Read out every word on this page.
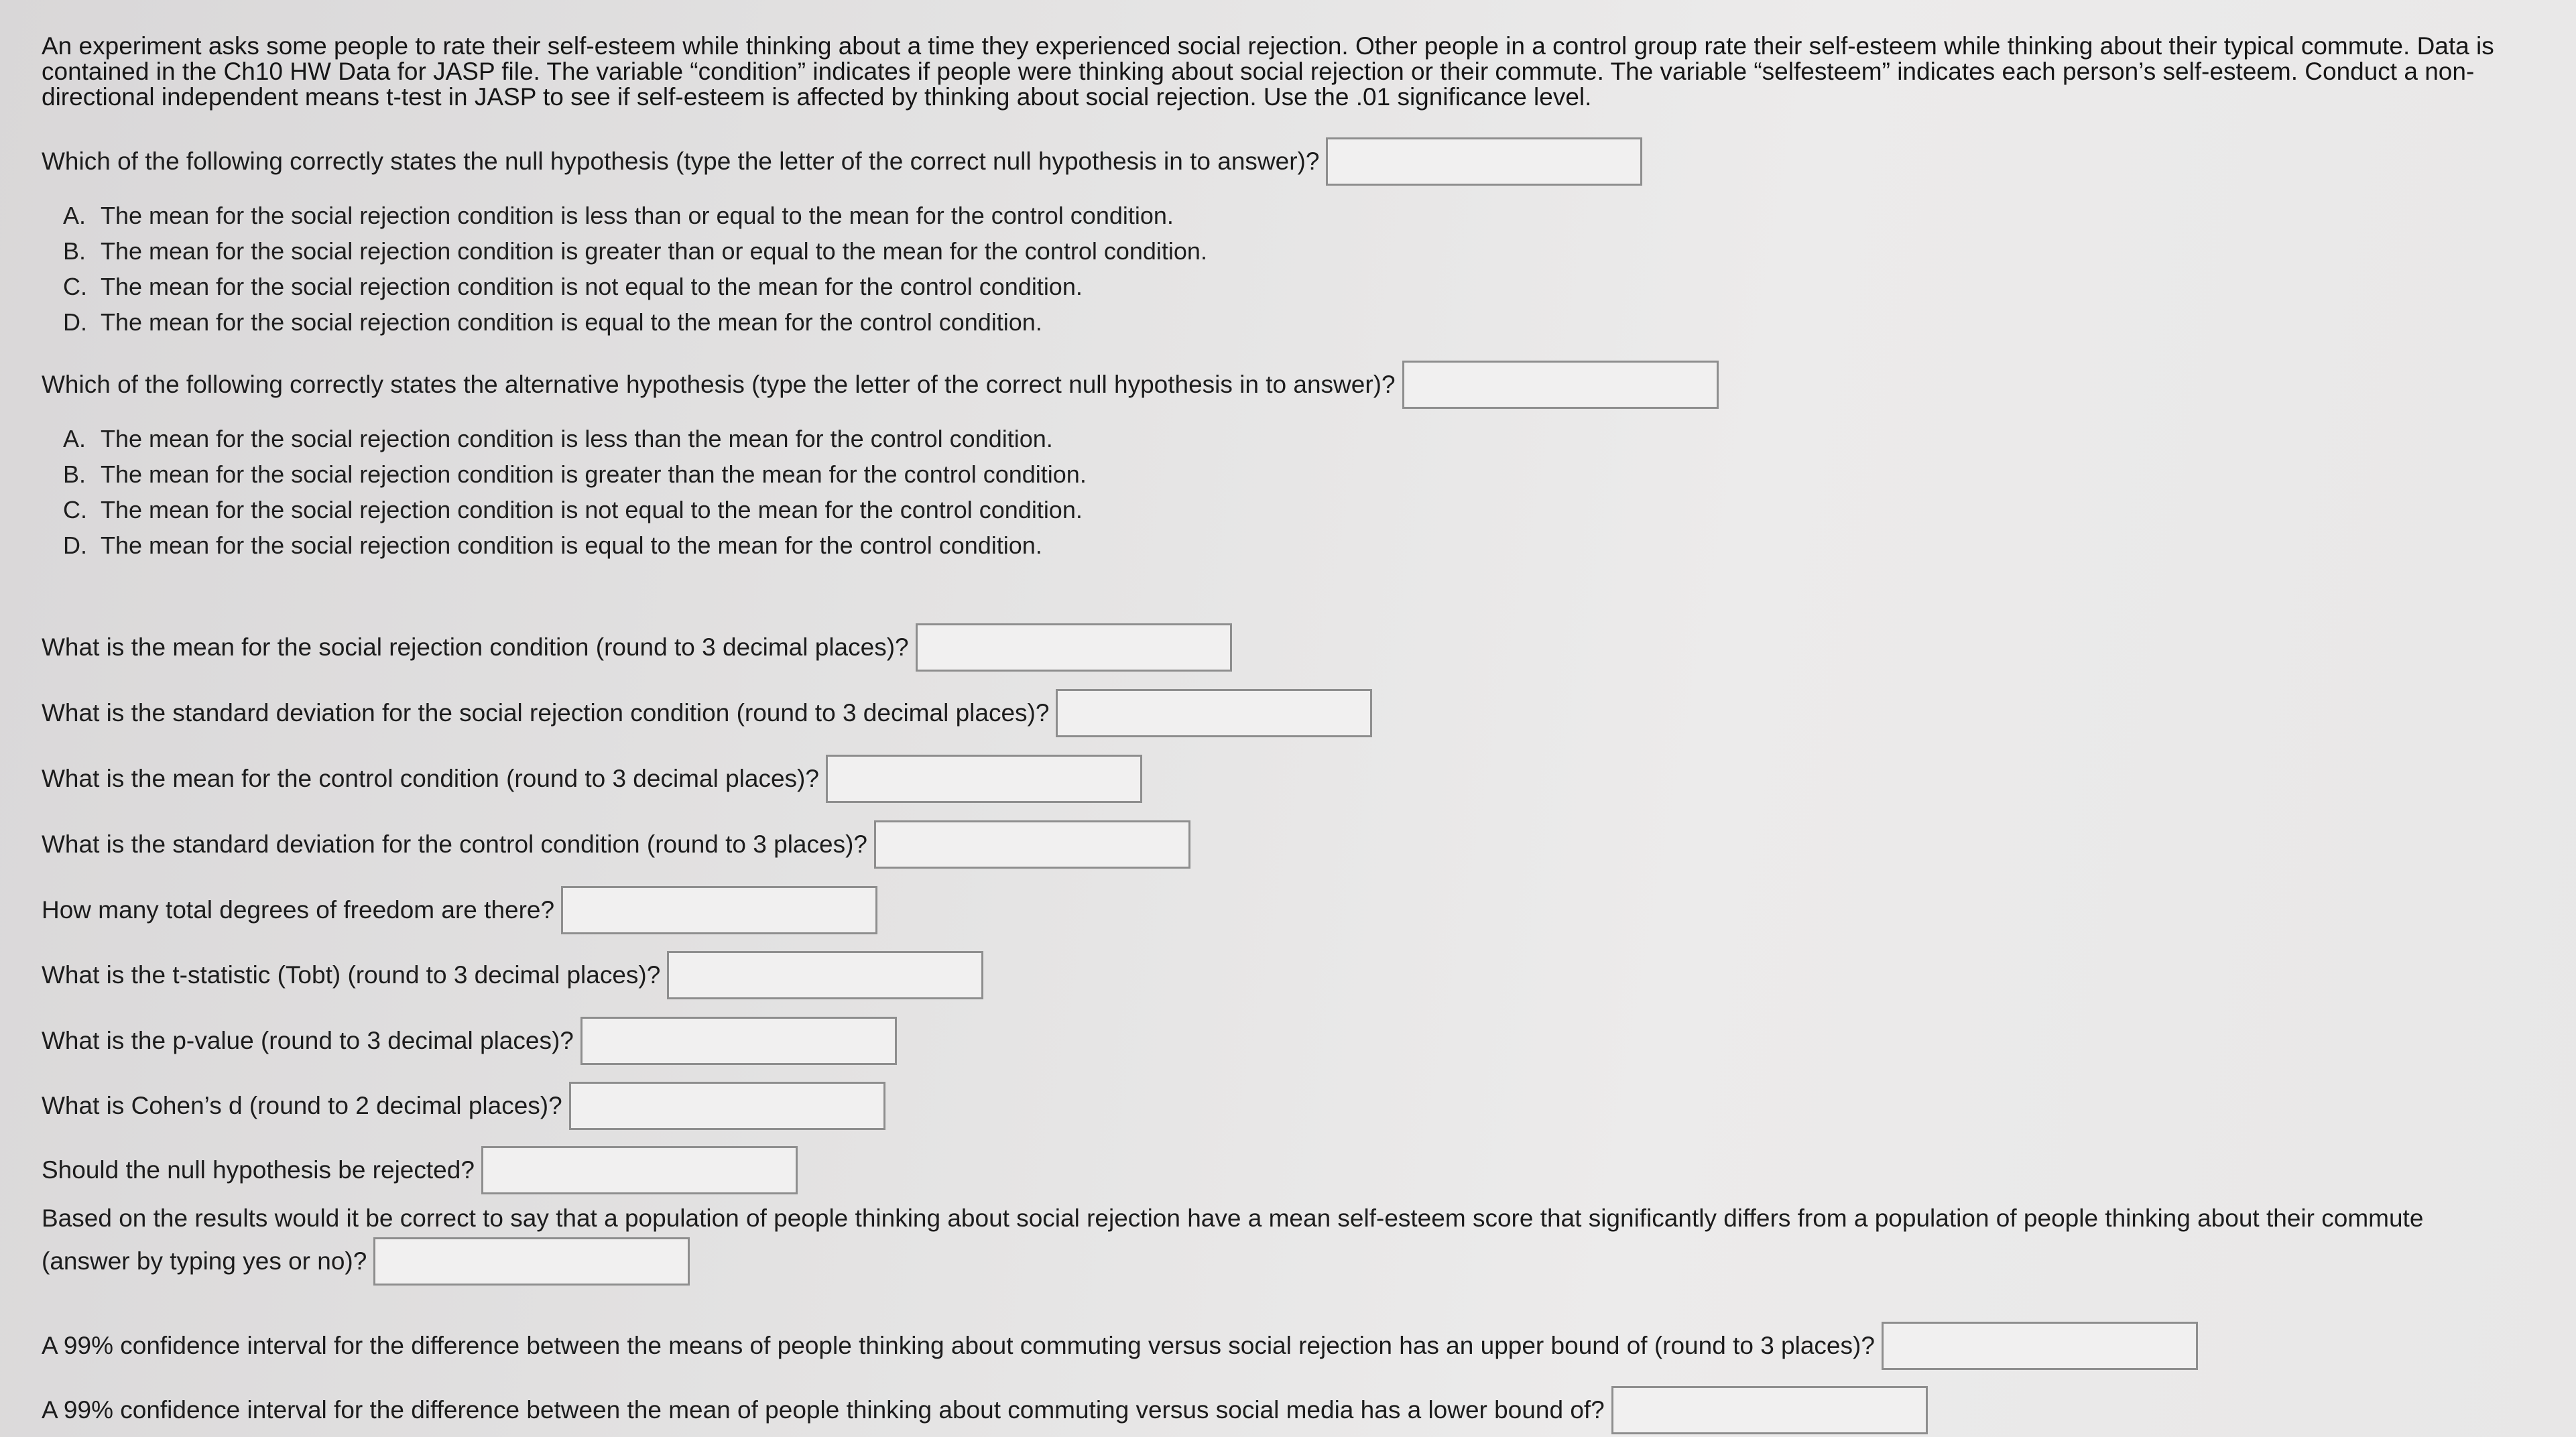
An experiment asks some people to rate their self-esteem while thinking about a time they experienced social rejection. Other people in a control group rate their self-esteem while thinking about their typical commute. Data is contained in the Ch10 HW Data for JASP file. The variable “condition” indicates if people were thinking about social rejection or their commute. The variable “selfesteem” indicates each person’s self-esteem. Conduct a non-directional independent means t-test in JASP to see if self-esteem is affected by thinking about social rejection. Use the .01 significance level.

Which of the following correctly states the null hypothesis (type the letter of the correct null hypothesis in to answer)?
A. The mean for the social rejection condition is less than or equal to the mean for the control condition.
B. The mean for the social rejection condition is greater than or equal to the mean for the control condition.
C. The mean for the social rejection condition is not equal to the mean for the control condition.
D. The mean for the social rejection condition is equal to the mean for the control condition.
Which of the following correctly states the alternative hypothesis (type the letter of the correct null hypothesis in to answer)?
A. The mean for the social rejection condition is less than the mean for the control condition.
B. The mean for the social rejection condition is greater than the mean for the control condition.
C. The mean for the social rejection condition is not equal to the mean for the control condition.
D. The mean for the social rejection condition is equal to the mean for the control condition.
What is the mean for the social rejection condition (round to 3 decimal places)?
What is the standard deviation for the social rejection condition (round to 3 decimal places)?
What is the mean for the control condition (round to 3 decimal places)?
What is the standard deviation for the control condition (round to 3 places)?
How many total degrees of freedom are there?
What is the t-statistic (Tobt) (round to 3 decimal places)?
What is the p-value (round to 3 decimal places)?
What is Cohen’s d (round to 2 decimal places)?
Should the null hypothesis be rejected?
Based on the results would it be correct to say that a population of people thinking about social rejection have a mean self-esteem score that significantly differs from a population of people thinking about their commute
(answer by typing yes or no)?
A 99% confidence interval for the difference between the means of people thinking about commuting versus social rejection has an upper bound of (round to 3 places)?
A 99% confidence interval for the difference between the mean of people thinking about commuting versus social media has a lower bound of?
